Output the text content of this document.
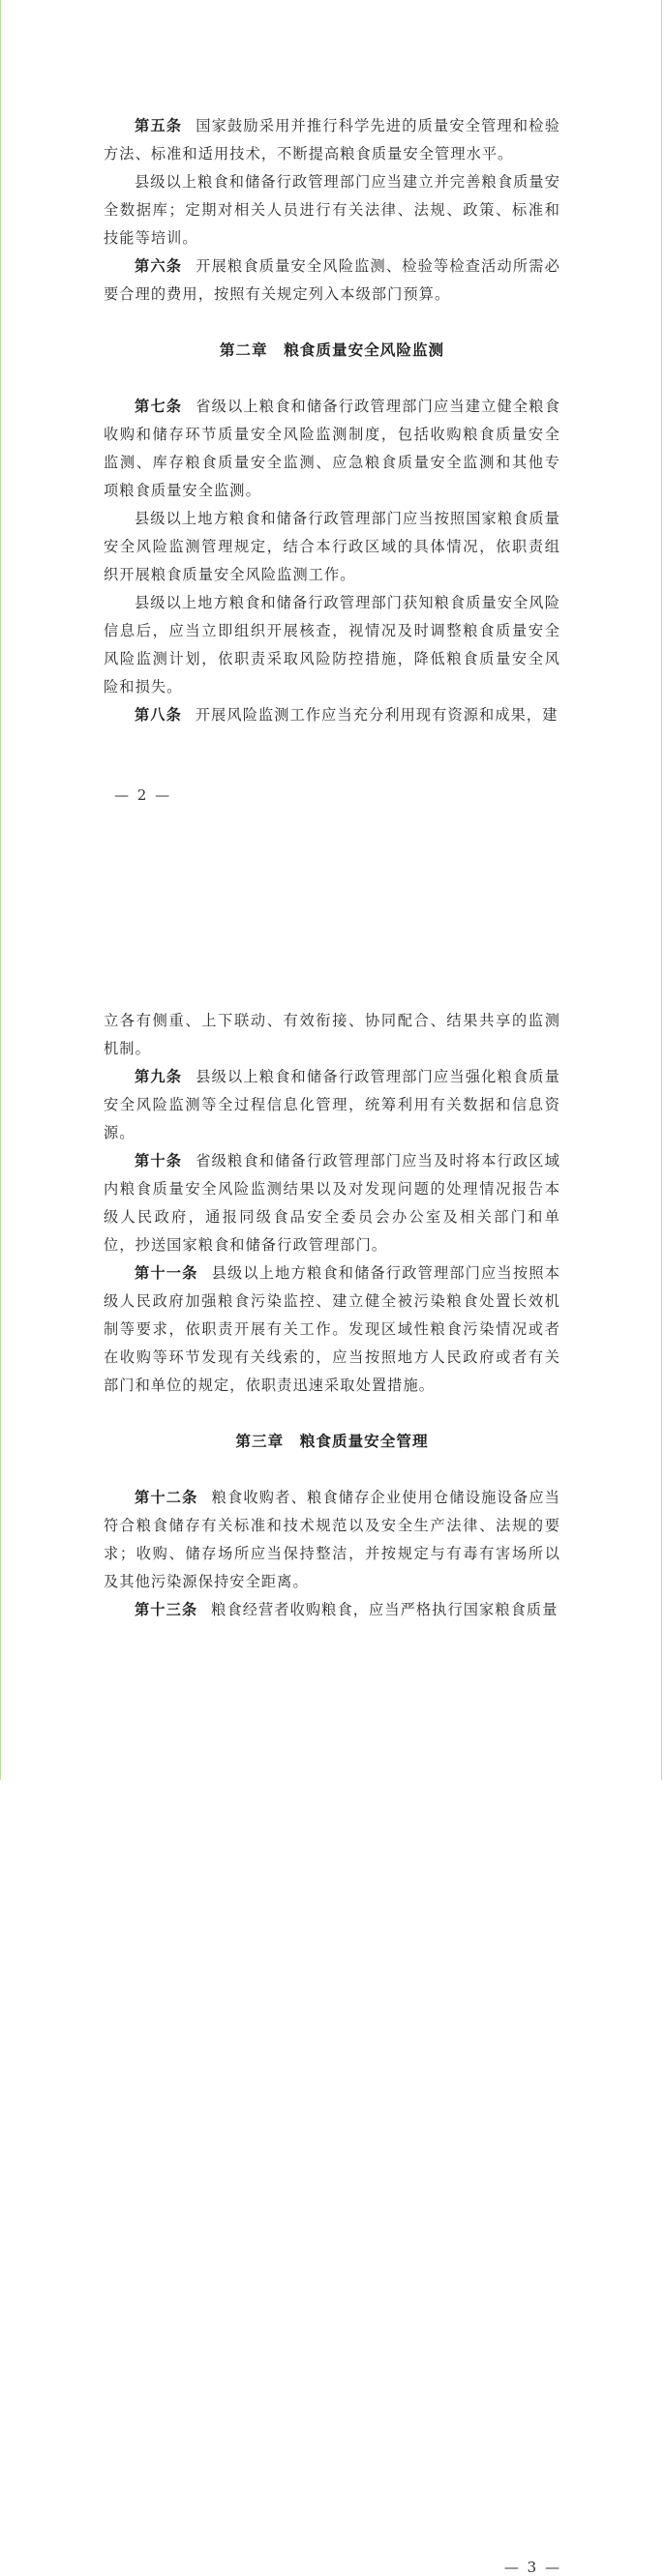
第五条 国家鼓励采用并推行科学先进的质量安全管理和检验方法、标准和适用技术，不断提高粮食质量安全管理水平。

县级以上粮食和储备行政管理部门应当建立并完善粮食质量安全数据库；定期对相关人员进行有关法律、法规、政策、标准和技能等培训。

第六条 开展粮食质量安全风险监测、检验等检查活动所需必要合理的费用，按照有关规定列入本级部门预算。

第二章　粮食质量安全风险监测

第七条 省级以上粮食和储备行政管理部门应当建立健全粮食收购和储存环节质量安全风险监测制度，包括收购粮食质量安全监测、库存粮食质量安全监测、应急粮食质量安全监测和其他专项粮食质量安全监测。

县级以上地方粮食和储备行政管理部门应当按照国家粮食质量安全风险监测管理规定，结合本行政区域的具体情况，依职责组织开展粮食质量安全风险监测工作。

县级以上地方粮食和储备行政管理部门获知粮食质量安全风险信息后，应当立即组织开展核查，视情况及时调整粮食质量安全风险监测计划，依职责采取风险防控措施，降低粮食质量安全风险和损失。

第八条 开展风险监测工作应当充分利用现有资源和成果，建

— 2 —

立各有侧重、上下联动、有效衔接、协同配合、结果共享的监测机制。

第九条 县级以上粮食和储备行政管理部门应当强化粮食质量安全风险监测等全过程信息化管理，统筹利用有关数据和信息资源。

第十条 省级粮食和储备行政管理部门应当及时将本行政区域内粮食质量安全风险监测结果以及对发现问题的处理情况报告本级人民政府，通报同级食品安全委员会办公室及相关部门和单位，抄送国家粮食和储备行政管理部门。

第十一条 县级以上地方粮食和储备行政管理部门应当按照本级人民政府加强粮食污染监控、建立健全被污染粮食处置长效机制等要求，依职责开展有关工作。发现区域性粮食污染情况或者在收购等环节发现有关线索的，应当按照地方人民政府或者有关部门和单位的规定，依职责迅速采取处置措施。

第三章　粮食质量安全管理

第十二条 粮食收购者、粮食储存企业使用仓储设施设备应当符合粮食储存有关标准和技术规范以及安全生产法律、法规的要求；收购、储存场所应当保持整洁，并按规定与有毒有害场所以及其他污染源保持安全距离。

第十三条 粮食经营者收购粮食，应当严格执行国家粮食质量

— 3 —
